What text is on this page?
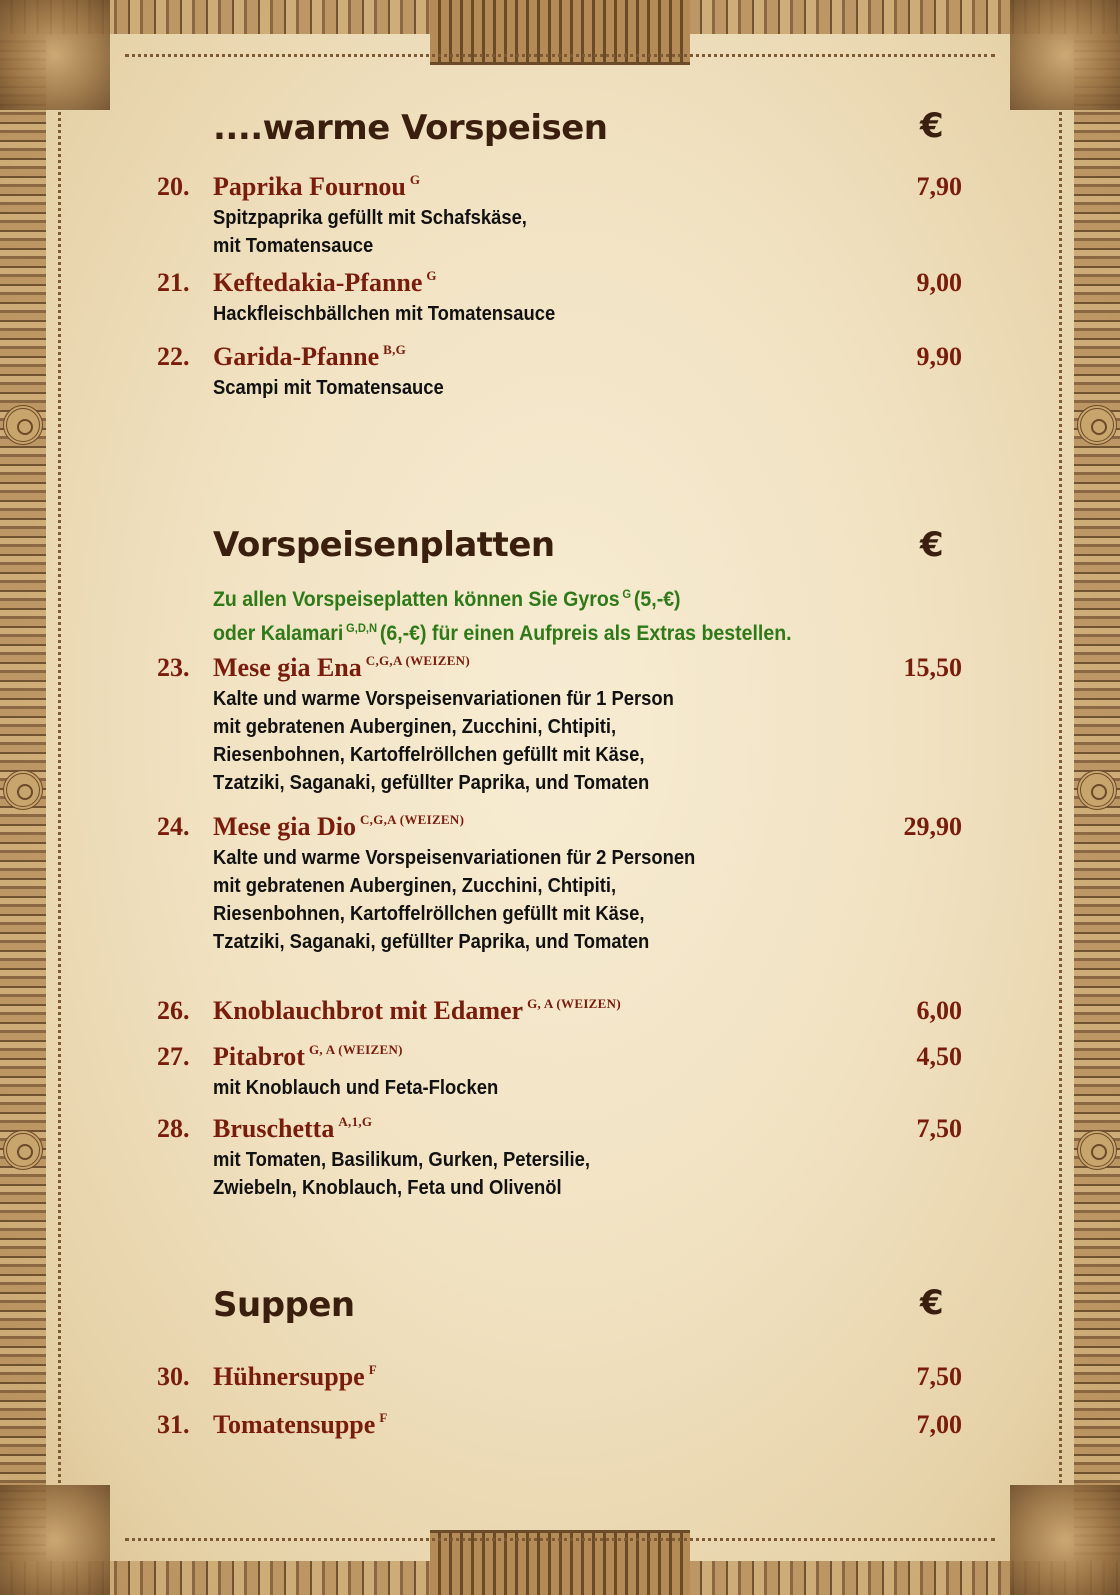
....warme Vorspeisen	€
20. Paprika Fournou $^G$	7,90
Spitzpaprika gefüllt mit Schafskäse,
mit Tomatensauce
21. Keftedakia-Pfanne $^G$	9,00
Hackfleischbällchen mit Tomatensauce
22. Garida-Pfanne $^{B,G}$	9,90
Scampi mit Tomatensauce
Vorspeisenplatten	€
Zu allen Vorspeiseplatten können Sie Gyros $^G$ (5,-€)
oder Kalamari $^{G,D,N}$ (6,-€) für einen Aufpreis als Extras bestellen.
23. Mese gia Ena $^{C,G,A (WEIZEN)}$	15,50
Kalte und warme Vorspeisenvariationen für 1 Person
mit gebratenen Auberginen, Zucchini, Chtipiti,
Riesenbohnen, Kartoffelröllchen gefüllt mit Käse,
Tzatziki, Saganaki, gefüllter Paprika, und Tomaten
24. Mese gia Dio $^{C,G,A (WEIZEN)}$	29,90
Kalte und warme Vorspeisenvariationen für 2 Personen
mit gebratenen Auberginen, Zucchini, Chtipiti,
Riesenbohnen, Kartoffelröllchen gefüllt mit Käse,
Tzatziki, Saganaki, gefüllter Paprika, und Tomaten
26. Knoblauchbrot mit Edamer $^{G, A (WEIZEN)}$	6,00
27. Pitabrot $^{G, A (WEIZEN)}$	4,50
mit Knoblauch und Feta-Flocken
28. Bruschetta $^{A,1,G}$	7,50
mit Tomaten, Basilikum, Gurken, Petersilie,
Zwiebeln, Knoblauch, Feta und Olivenöl
Suppen	€
30. Hühnersuppe $^F$	7,50
31. Tomatensuppe $^F$	7,00
